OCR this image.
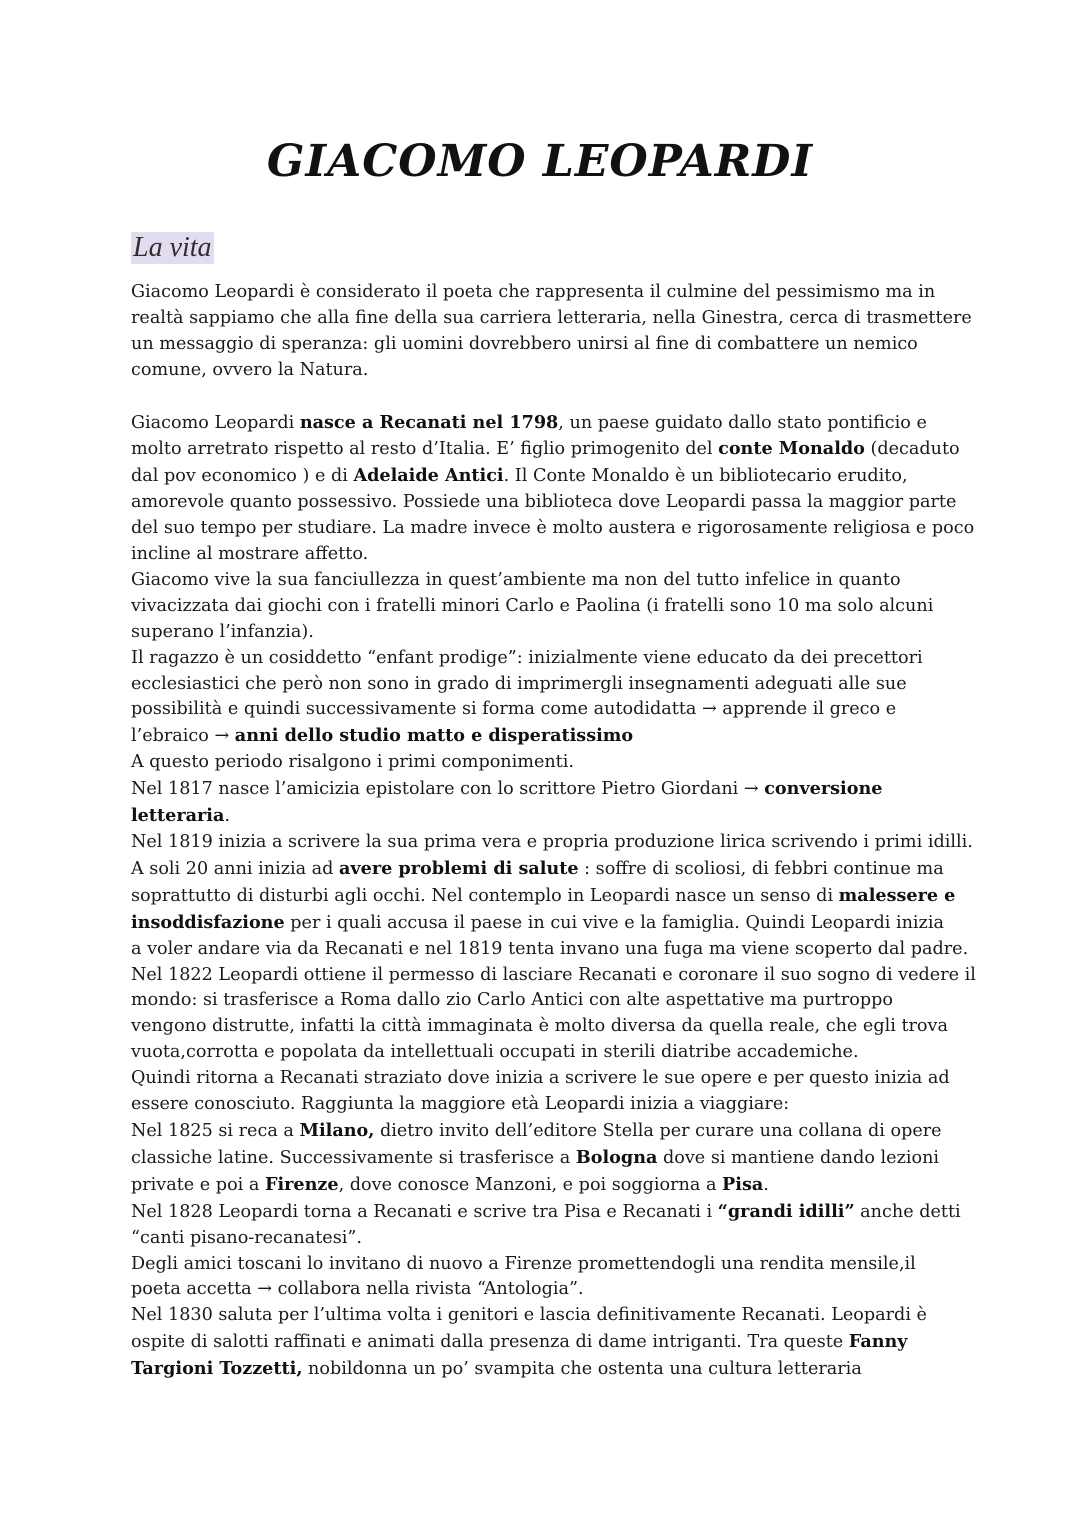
GIACOMO LEOPARDI
La vita
Giacomo Leopardi è considerato il poeta che rappresenta il culmine del pessimismo ma in
realtà sappiamo che alla fine della sua carriera letteraria, nella Ginestra, cerca di trasmettere
un messaggio di speranza: gli uomini dovrebbero unirsi al fine di combattere un nemico
comune, ovvero la Natura.
Giacomo Leopardi nasce a Recanati nel 1798, un paese guidato dallo stato pontificio e
molto arretrato rispetto al resto d’Italia. E’ figlio primogenito del conte Monaldo (decaduto
dal pov economico ) e di Adelaide Antici. Il Conte Monaldo è un bibliotecario erudito,
amorevole quanto possessivo. Possiede una biblioteca dove Leopardi passa la maggior parte
del suo tempo per studiare. La madre invece è molto austera e rigorosamente religiosa e poco
incline al mostrare affetto.
Giacomo vive la sua fanciullezza in quest’ambiente ma non del tutto infelice in quanto
vivacizzata dai giochi con i fratelli minori Carlo e Paolina (i fratelli sono 10 ma solo alcuni
superano l’infanzia).
Il ragazzo è un cosiddetto “enfant prodige”: inizialmente viene educato da dei precettori
ecclesiastici che però non sono in grado di imprimergli insegnamenti adeguati alle sue
possibilità e quindi successivamente si forma come autodidatta → apprende il greco e
l’ebraico → anni dello studio matto e disperatissimo
A questo periodo risalgono i primi componimenti.
Nel 1817 nasce l’amicizia epistolare con lo scrittore Pietro Giordani → conversione
letteraria.
Nel 1819 inizia a scrivere la sua prima vera e propria produzione lirica scrivendo i primi idilli.
A soli 20 anni inizia ad avere problemi di salute : soffre di scoliosi, di febbri continue ma
soprattutto di disturbi agli occhi. Nel contemplo in Leopardi nasce un senso di malessere e
insoddisfazione per i quali accusa il paese in cui vive e la famiglia. Quindi Leopardi inizia
a voler andare via da Recanati e nel 1819 tenta invano una fuga ma viene scoperto dal padre.
Nel 1822 Leopardi ottiene il permesso di lasciare Recanati e coronare il suo sogno di vedere il
mondo: si trasferisce a Roma dallo zio Carlo Antici con alte aspettative ma purtroppo
vengono distrutte, infatti la città immaginata è molto diversa da quella reale, che egli trova
vuota,corrotta e popolata da intellettuali occupati in sterili diatribe accademiche.
Quindi ritorna a Recanati straziato dove inizia a scrivere le sue opere e per questo inizia ad
essere conosciuto. Raggiunta la maggiore età Leopardi inizia a viaggiare:
Nel 1825 si reca a Milano, dietro invito dell’editore Stella per curare una collana di opere
classiche latine. Successivamente si trasferisce a Bologna dove si mantiene dando lezioni
private e poi a Firenze, dove conosce Manzoni, e poi soggiorna a Pisa.
Nel 1828 Leopardi torna a Recanati e scrive tra Pisa e Recanati i “grandi idilli” anche detti
“canti pisano-recanatesi”.
Degli amici toscani lo invitano di nuovo a Firenze promettendogli una rendita mensile,il
poeta accetta → collabora nella rivista “Antologia”.
Nel 1830 saluta per l’ultima volta i genitori e lascia definitivamente Recanati. Leopardi è
ospite di salotti raffinati e animati dalla presenza di dame intriganti. Tra queste Fanny
Targioni Tozzetti, nobildonna un po’ svampita che ostenta una cultura letteraria
